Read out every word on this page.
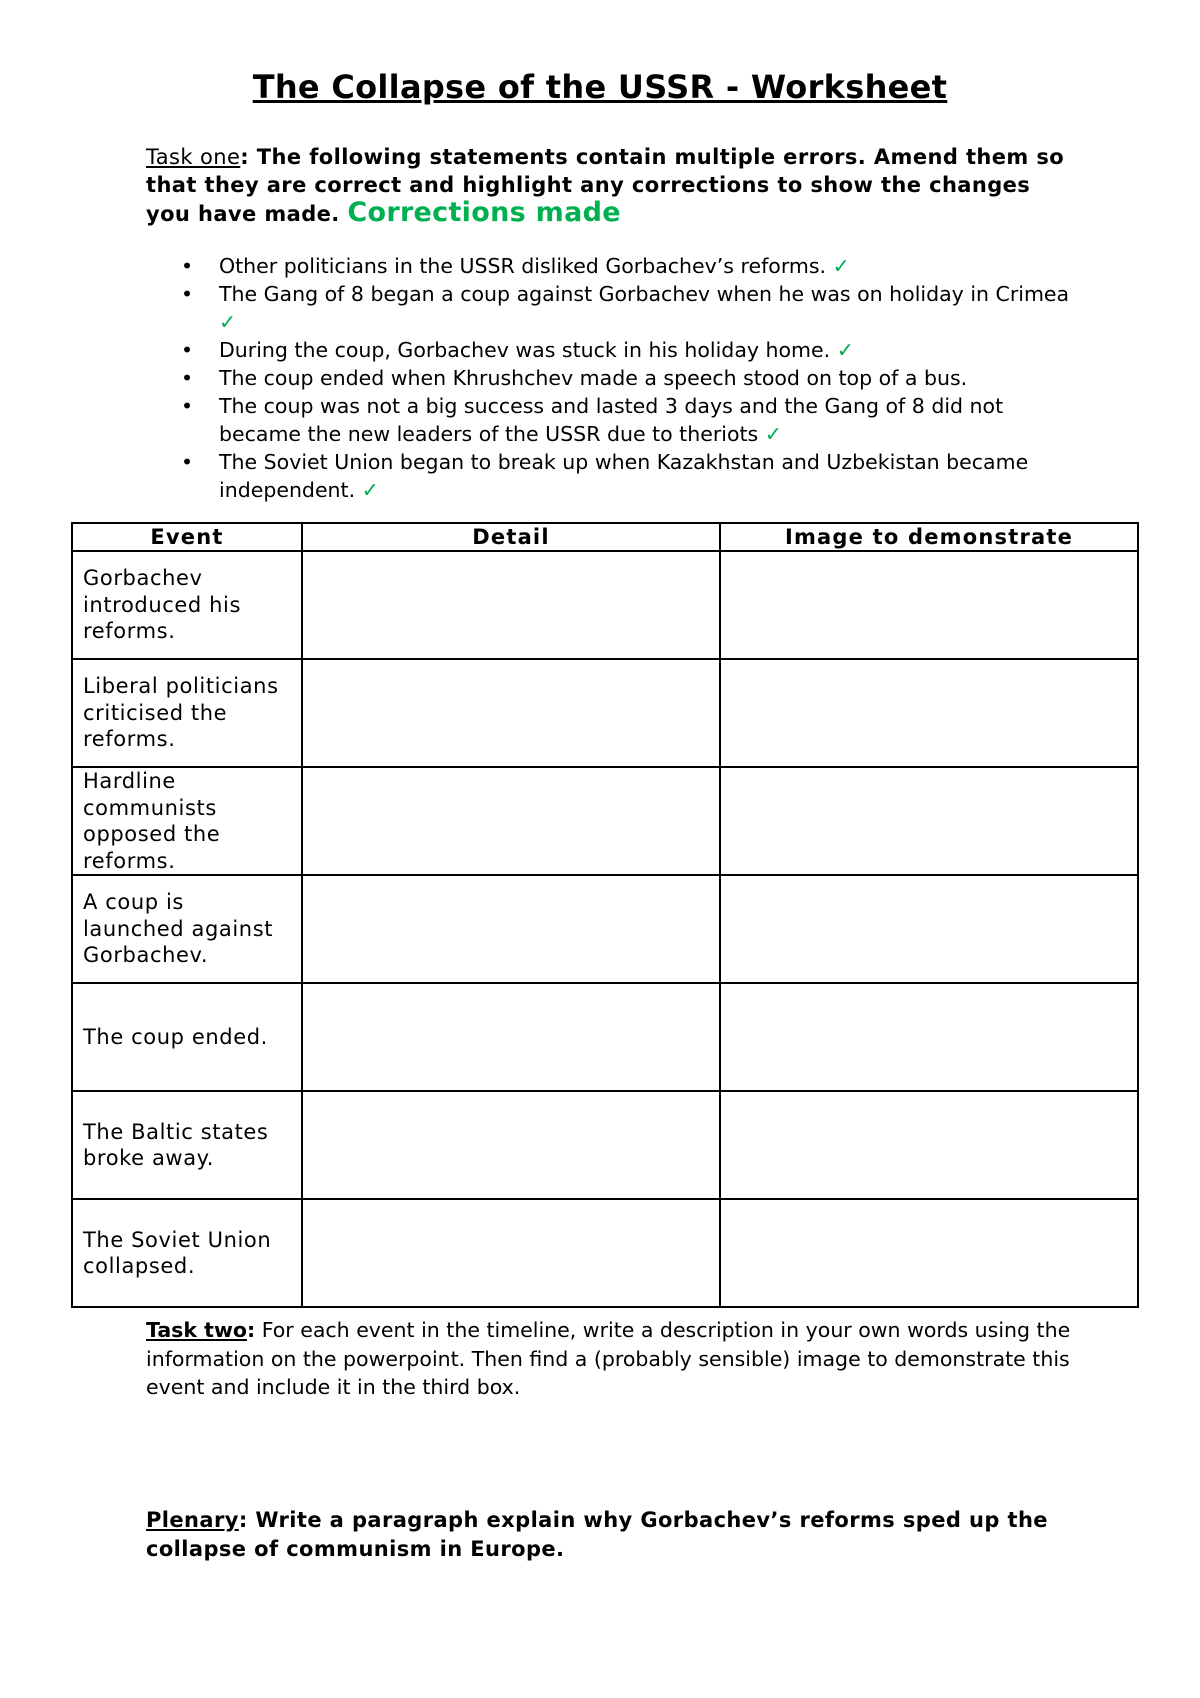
The Collapse of the USSR - Worksheet
Task one: The following statements contain multiple errors. Amend them so that they are correct and highlight any corrections to show the changes you have made. Corrections made
• Other politicians in the USSR disliked Gorbachev’s reforms. ✓
• The Gang of 8 began a coup against Gorbachev when he was on holiday in Crimea ✓
• During the coup, Gorbachev was stuck in his holiday home. ✓
• The coup ended when Khrushchev made a speech stood on top of a bus.
• The coup was not a big success and lasted 3 days and the Gang of 8 did not became the new leaders of the USSR due to theriots ✓
• The Soviet Union began to break up when Kazakhstan and Uzbekistan became independent. ✓
Event	Detail	Image to demonstrate
Gorbachev introduced his reforms.		
Liberal politicians criticised the reforms.		
Hardline communists opposed the reforms.		
A coup is launched against Gorbachev.		
The coup ended.		
The Baltic states broke away.		
The Soviet Union collapsed.		
Task two: For each event in the timeline, write a description in your own words using the information on the powerpoint. Then find a (probably sensible) image to demonstrate this event and include it in the third box.
Plenary: Write a paragraph explain why Gorbachev’s reforms sped up the collapse of communism in Europe.
